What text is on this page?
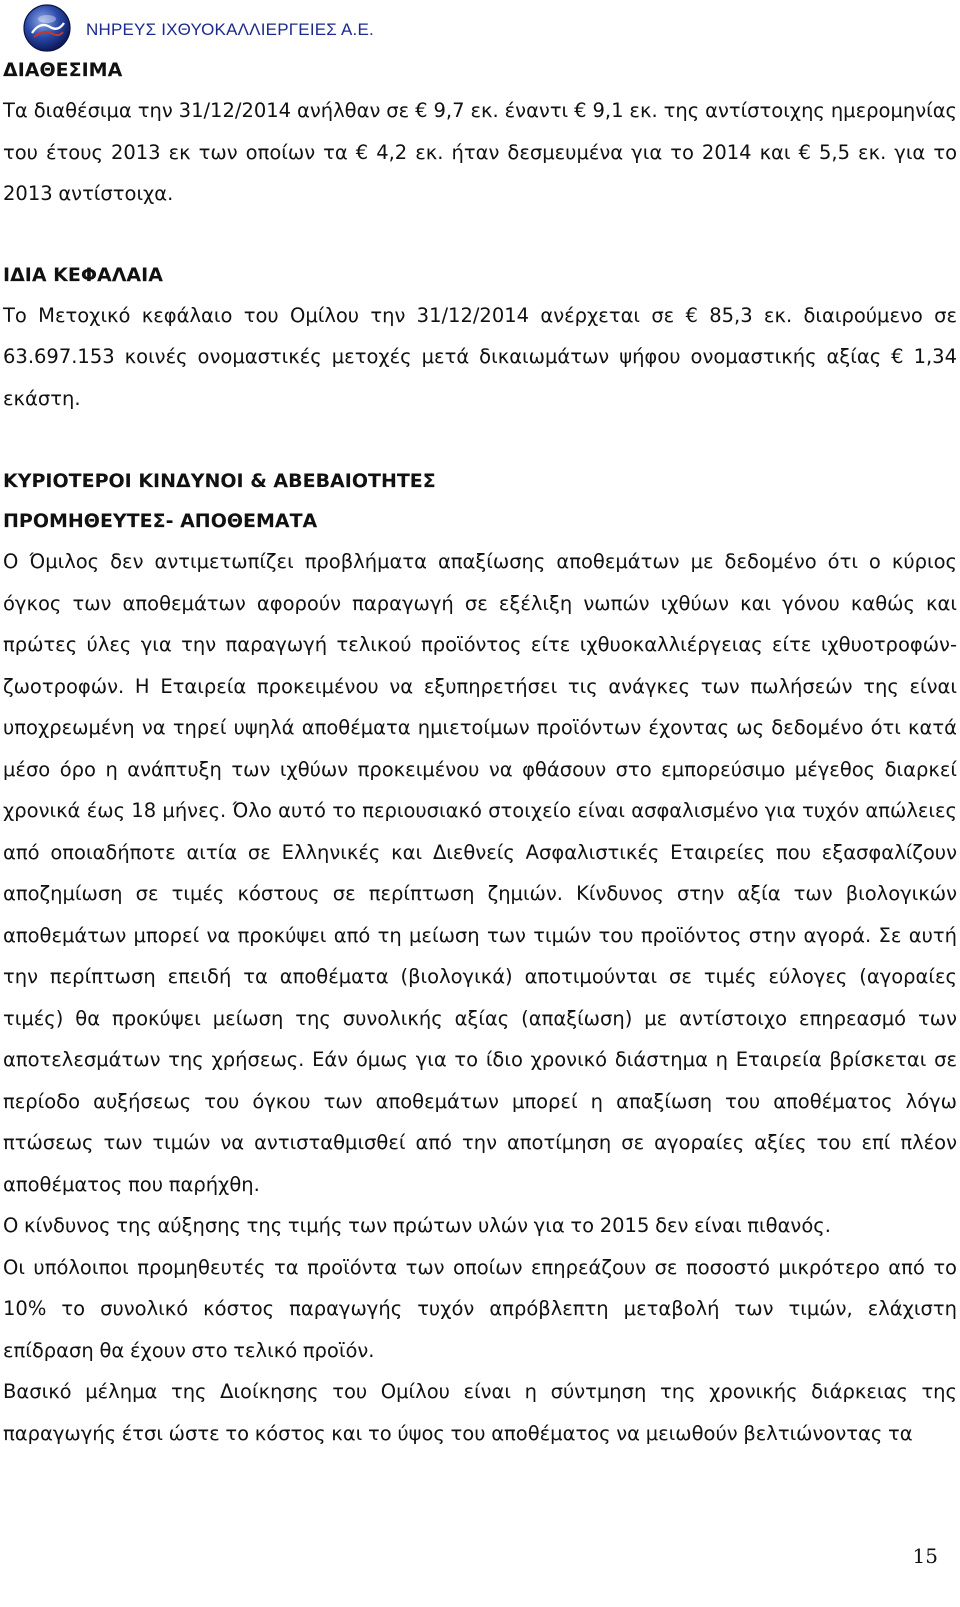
ΝΗΡΕΥΣ ΙΧΘΥΟΚΑΛΛΙΕΡΓΕΙΕΣ Α.Ε.
ΔΙΑΘΕΣΙΜΑ

Τα διαθέσιμα την 31/12/2014 ανήλθαν σε € 9,7 εκ. έναντι € 9,1 εκ. της αντίστοιχης ημερομηνίας του έτους 2013 εκ των οποίων τα € 4,2 εκ. ήταν δεσμευμένα για το 2014 και € 5,5 εκ. για το 2013 αντίστοιχα.

ΙΔΙΑ ΚΕΦΑΛΑΙΑ

Το Μετοχικό κεφάλαιο του Ομίλου την 31/12/2014 ανέρχεται σε € 85,3 εκ. διαιρούμενο σε 63.697.153 κοινές ονομαστικές μετοχές μετά δικαιωμάτων ψήφου ονομαστικής αξίας € 1,34 εκάστη.

ΚΥΡΙΟΤΕΡΟΙ ΚΙΝΔΥΝΟΙ & ΑΒΕΒΑΙΟΤΗΤΕΣ
ΠΡΟΜΗΘΕΥΤΕΣ- ΑΠΟΘΕΜΑΤΑ

Ο Όμιλος δεν αντιμετωπίζει προβλήματα απαξίωσης αποθεμάτων με δεδομένο ότι ο κύριος όγκος των αποθεμάτων αφορούν παραγωγή σε εξέλιξη νωπών ιχθύων και γόνου καθώς και πρώτες ύλες για την παραγωγή τελικού προϊόντος είτε ιχθυοκαλλιέργειας είτε ιχθυοτροφών-ζωοτροφών. Η Εταιρεία προκειμένου να εξυπηρετήσει τις ανάγκες των πωλήσεών της είναι υποχρεωμένη να τηρεί υψηλά αποθέματα ημιετοίμων προϊόντων έχοντας ως δεδομένο ότι κατά μέσο όρο η ανάπτυξη των ιχθύων προκειμένου να φθάσουν στο εμπορεύσιμο μέγεθος διαρκεί χρονικά έως 18 μήνες. Όλο αυτό το περιουσιακό στοιχείο είναι ασφαλισμένο για τυχόν απώλειες από οποιαδήποτε αιτία σε Ελληνικές και Διεθνείς Ασφαλιστικές Εταιρείες που εξασφαλίζουν αποζημίωση σε τιμές κόστους σε περίπτωση ζημιών. Κίνδυνος στην αξία των βιολογικών αποθεμάτων μπορεί να προκύψει από τη μείωση των τιμών του προϊόντος στην αγορά. Σε αυτή την περίπτωση επειδή τα αποθέματα (βιολογικά) αποτιμούνται σε τιμές εύλογες (αγοραίες τιμές) θα προκύψει μείωση της συνολικής αξίας (απαξίωση) με αντίστοιχο επηρεασμό των αποτελεσμάτων της χρήσεως. Εάν όμως για το ίδιο χρονικό διάστημα η Εταιρεία βρίσκεται σε περίοδο αυξήσεως του όγκου των αποθεμάτων μπορεί η απαξίωση του αποθέματος λόγω πτώσεως των τιμών να αντισταθμισθεί από την αποτίμηση σε αγοραίες αξίες του επί πλέον αποθέματος που παρήχθη.

Ο κίνδυνος της αύξησης της τιμής των πρώτων υλών για το 2015 δεν είναι πιθανός.

Οι υπόλοιποι προμηθευτές τα προϊόντα των οποίων επηρεάζουν σε ποσοστό μικρότερο από το 10% το συνολικό κόστος παραγωγής τυχόν απρόβλεπτη μεταβολή των τιμών, ελάχιστη επίδραση θα έχουν στο τελικό προϊόν.

Βασικό μέλημα της Διοίκησης του Ομίλου είναι η σύντμηση της χρονικής διάρκειας της παραγωγής έτσι ώστε το κόστος και το ύψος του αποθέματος να μειωθούν βελτιώνοντας τα

15
